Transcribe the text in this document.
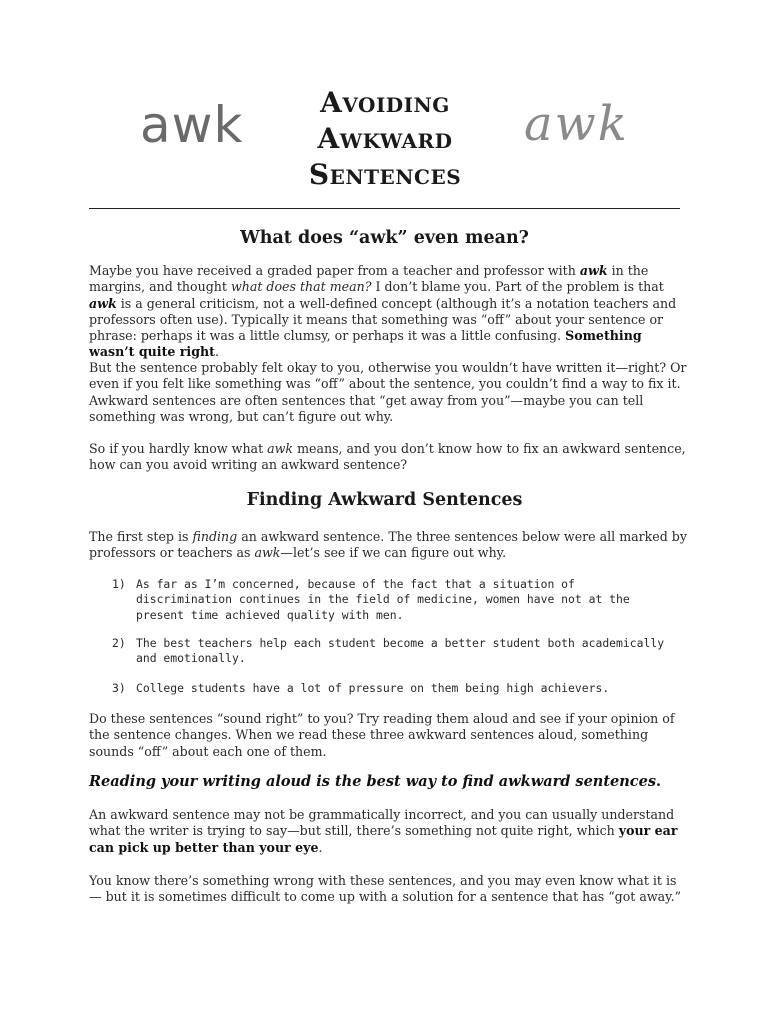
awk	AVOIDING
AWKWARD
SENTENCES
awk
What does “awk” even mean?

Maybe you have received a graded paper from a teacher and professor with awk in the margins, and thought what does that mean? I don’t blame you. Part of the problem is that awk is a general criticism, not a well-defined concept (although it’s a notation teachers and professors often use). Typically it means that something was “off” about your sentence or phrase: perhaps it was a little clumsy, or perhaps it was a little confusing. Something wasn’t quite right.

But the sentence probably felt okay to you, otherwise you wouldn’t have written it—right? Or even if you felt like something was “off” about the sentence, you couldn’t find a way to fix it. Awkward sentences are often sentences that “get away from you”—maybe you can tell something was wrong, but can’t figure out why.

So if you hardly know what awk means, and you don’t know how to fix an awkward sentence, how can you avoid writing an awkward sentence?

Finding Awkward Sentences

The first step is finding an awkward sentence. The three sentences below were all marked by professors or teachers as awk—let’s see if we can figure out why.

1) As far as I’m concerned, because of the fact that a situation of discrimination continues in the field of medicine, women have not at the present time achieved quality with men.
2) The best teachers help each student become a better student both academically and emotionally.
3) College students have a lot of pressure on them being high achievers.

Do these sentences “sound right” to you? Try reading them aloud and see if your opinion of the sentence changes. When we read these three awkward sentences aloud, something sounds “off” about each one of them.

Reading your writing aloud is the best way to find awkward sentences.

An awkward sentence may not be grammatically incorrect, and you can usually understand what the writer is trying to say—but still, there’s something not quite right, which your ear can pick up better than your eye.

You know there’s something wrong with these sentences, and you may even know what it is — but it is sometimes difficult to come up with a solution for a sentence that has “got away.”
